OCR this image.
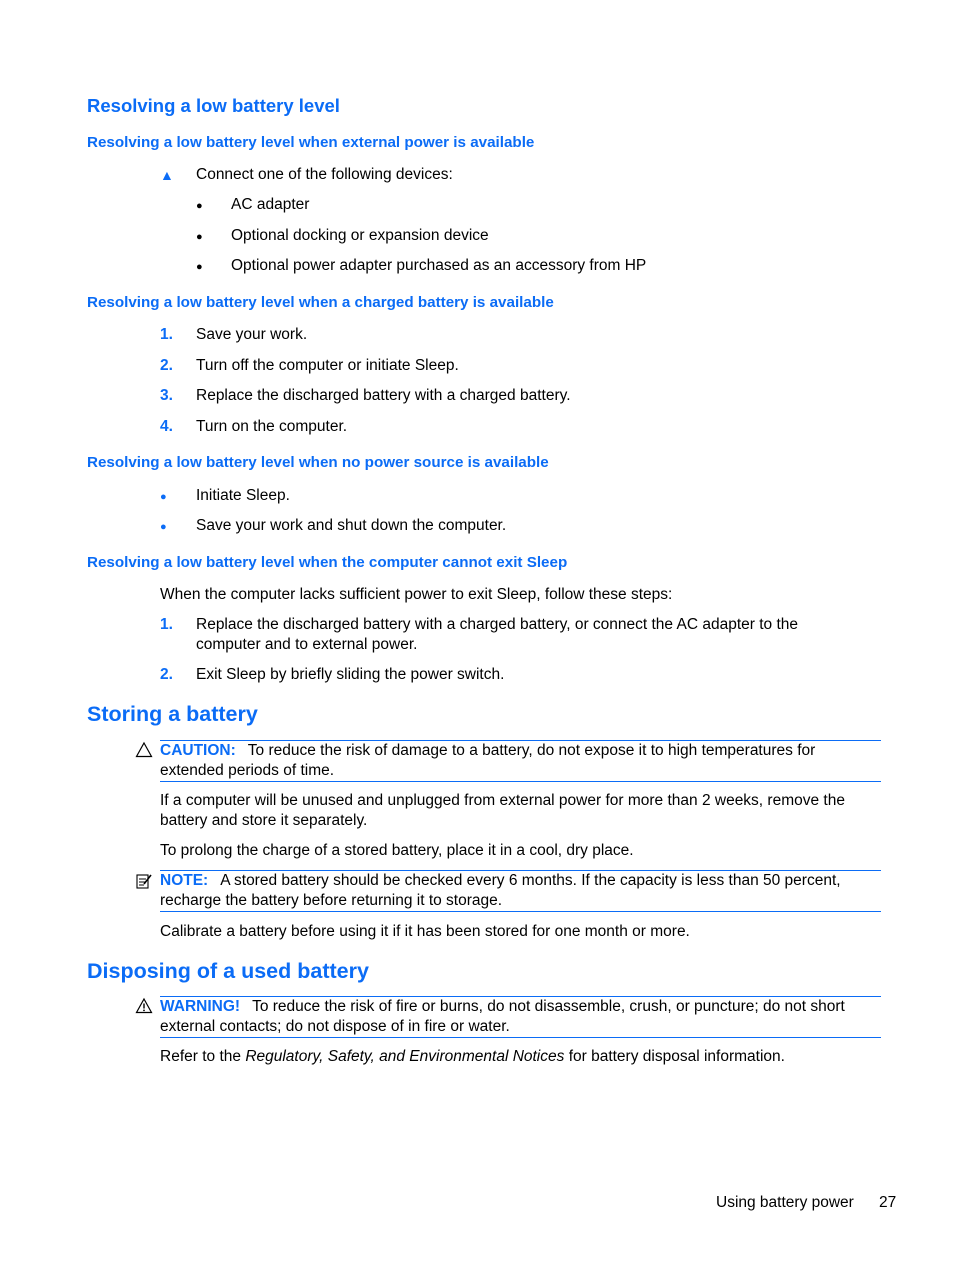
Resolving a low battery level
Resolving a low battery level when external power is available
▲ Connect one of the following devices:
● AC adapter
● Optional docking or expansion device
● Optional power adapter purchased as an accessory from HP
Resolving a low battery level when a charged battery is available
1. Save your work.
2. Turn off the computer or initiate Sleep.
3. Replace the discharged battery with a charged battery.
4. Turn on the computer.
Resolving a low battery level when no power source is available
● Initiate Sleep.
● Save your work and shut down the computer.
Resolving a low battery level when the computer cannot exit Sleep
When the computer lacks sufficient power to exit Sleep, follow these steps:
1. Replace the discharged battery with a charged battery, or connect the AC adapter to the computer and to external power.
2. Exit Sleep by briefly sliding the power switch.
Storing a battery
CAUTION: To reduce the risk of damage to a battery, do not expose it to high temperatures for extended periods of time.
If a computer will be unused and unplugged from external power for more than 2 weeks, remove the battery and store it separately.
To prolong the charge of a stored battery, place it in a cool, dry place.
NOTE: A stored battery should be checked every 6 months. If the capacity is less than 50 percent, recharge the battery before returning it to storage.
Calibrate a battery before using it if it has been stored for one month or more.
Disposing of a used battery
WARNING! To reduce the risk of fire or burns, do not disassemble, crush, or puncture; do not short external contacts; do not dispose of in fire or water.
Refer to the Regulatory, Safety, and Environmental Notices for battery disposal information.
Using battery power 27
